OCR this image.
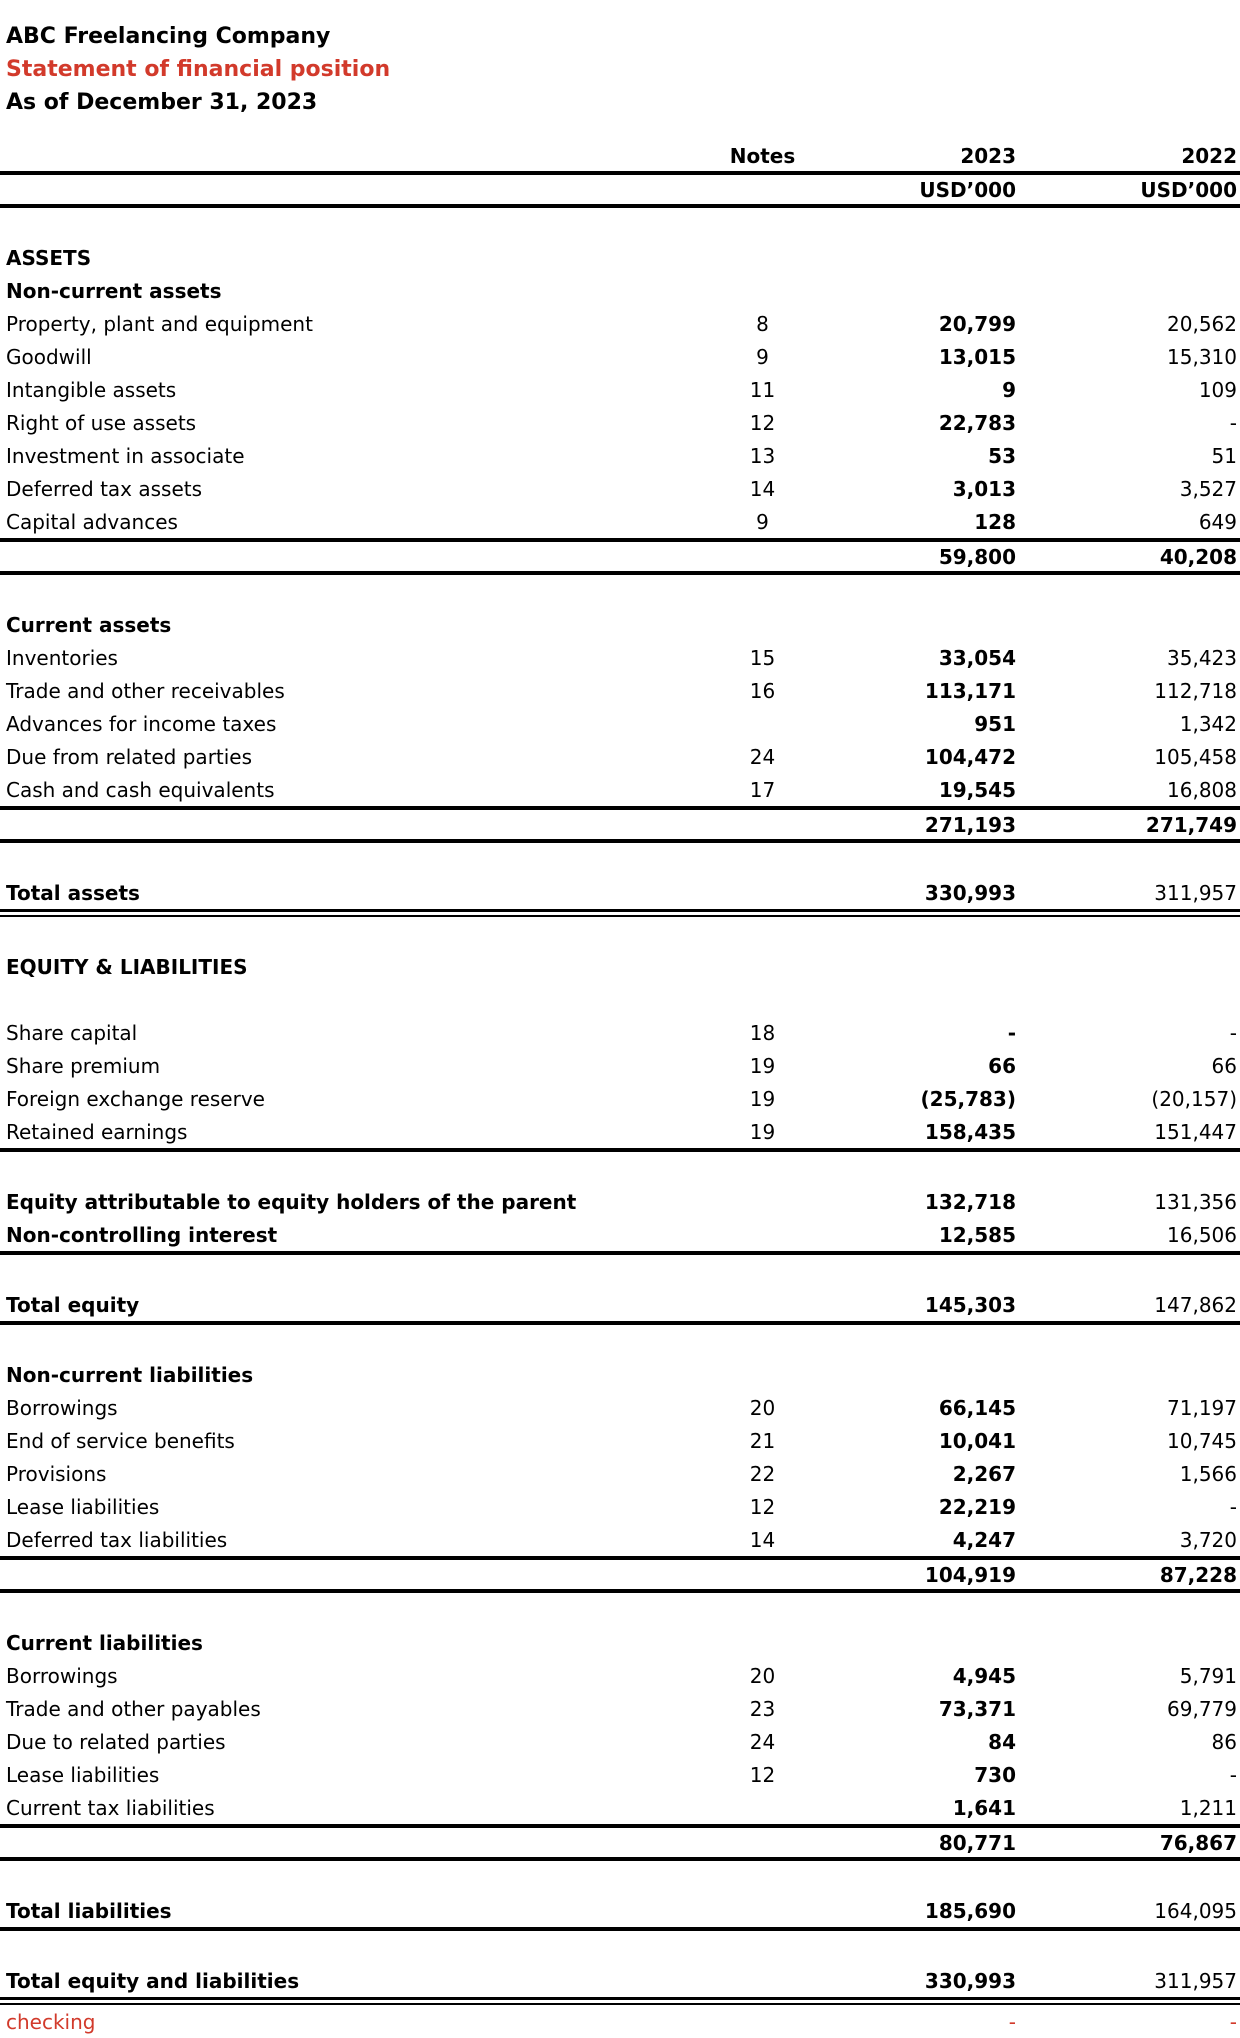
ABC Freelancing Company
Statement of financial position
As of December 31, 2023
Notes	2023	2022
USD’000	USD’000
ASSETS
Non-current assets
Property, plant and equipment	8	20,799	20,562
Goodwill	9	13,015	15,310
Intangible assets	11	9	109
Right of use assets	12	22,783	-
Investment in associate	13	53	51
Deferred tax assets	14	3,013	3,527
Capital advances	9	128	649
59,800	40,208
Current assets
Inventories	15	33,054	35,423
Trade and other receivables	16	113,171	112,718
Advances for income taxes	951	1,342
Due from related parties	24	104,472	105,458
Cash and cash equivalents	17	19,545	16,808
271,193	271,749
Total assets	330,993	311,957
EQUITY & LIABILITIES
Share capital	18	-	-
Share premium	19	66	66
Foreign exchange reserve	19	(25,783)	(20,157)
Retained earnings	19	158,435	151,447
Equity attributable to equity holders of the parent	132,718	131,356
Non-controlling interest	12,585	16,506
Total equity	145,303	147,862
Non-current liabilities
Borrowings	20	66,145	71,197
End of service benefits	21	10,041	10,745
Provisions	22	2,267	1,566
Lease liabilities	12	22,219	-
Deferred tax liabilities	14	4,247	3,720
104,919	87,228
Current liabilities
Borrowings	20	4,945	5,791
Trade and other payables	23	73,371	69,779
Due to related parties	24	84	86
Lease liabilities	12	730	-
Current tax liabilities	1,641	1,211
80,771	76,867
Total liabilities	185,690	164,095
Total equity and liabilities	330,993	311,957
checking	-	-
